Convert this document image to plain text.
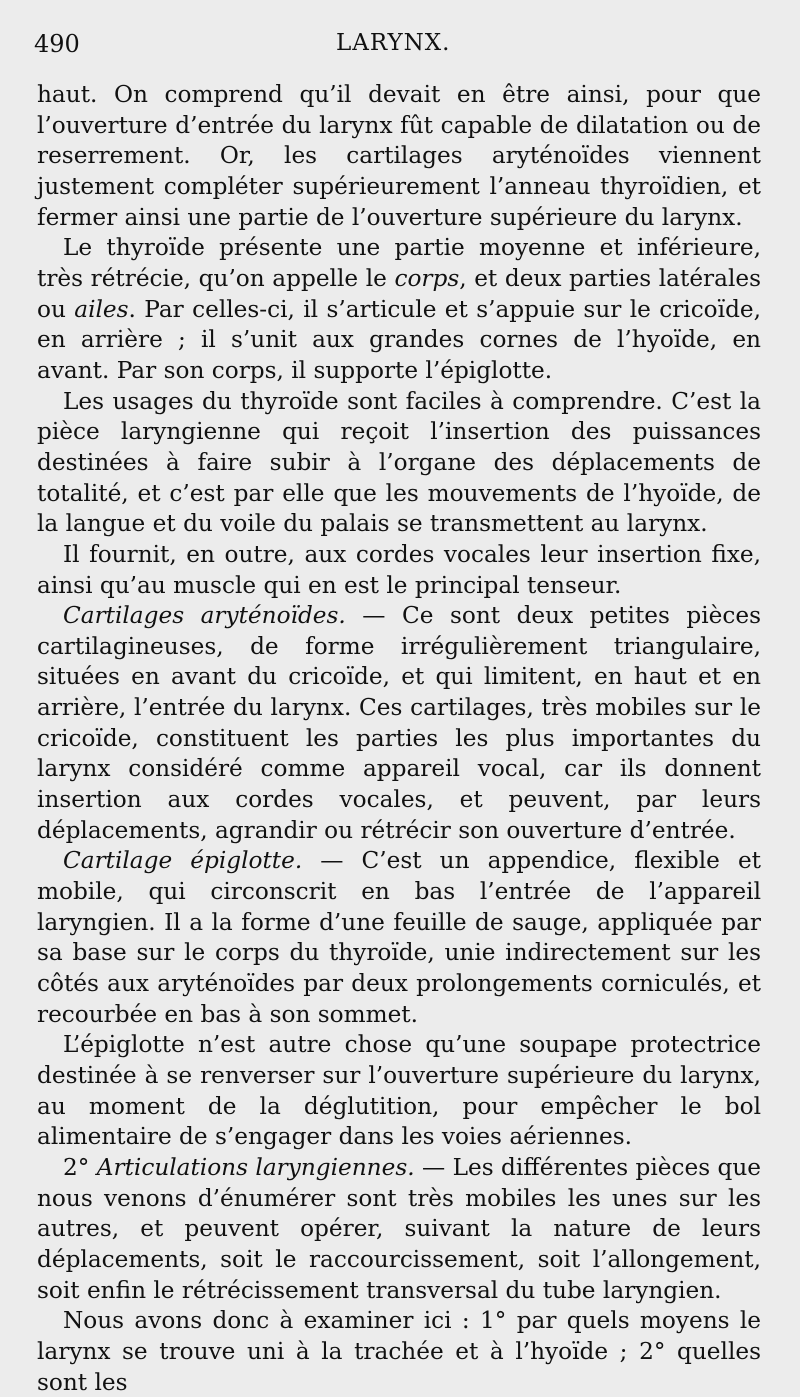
490	LARYNX.

haut. On comprend qu’il devait en être ainsi, pour que l’ouverture d’entrée du larynx fût capable de dilatation ou de reserrement. Or, les cartilages aryténoïdes viennent justement compléter supérieurement l’anneau thyroïdien, et fermer ainsi une partie de l’ouverture supérieure du larynx.

Le thyroïde présente une partie moyenne et inférieure, très rétrécie, qu’on appelle le corps, et deux parties latérales ou ailes. Par celles-ci, il s’articule et s’appuie sur le cricoïde, en arrière ; il s’unit aux grandes cornes de l’hyoïde, en avant. Par son corps, il supporte l’épiglotte.

Les usages du thyroïde sont faciles à comprendre. C’est la pièce laryngienne qui reçoit l’insertion des puissances destinées à faire subir à l’organe des déplacements de totalité, et c’est par elle que les mouvements de l’hyoïde, de la langue et du voile du palais se transmettent au larynx.

Il fournit, en outre, aux cordes vocales leur insertion fixe, ainsi qu’au muscle qui en est le principal tenseur.

Cartilages aryténoïdes. — Ce sont deux petites pièces cartilagineuses, de forme irrégulièrement triangulaire, situées en avant du cricoïde, et qui limitent, en haut et en arrière, l’entrée du larynx. Ces cartilages, très mobiles sur le cricoïde, constituent les parties les plus importantes du larynx considéré comme appareil vocal, car ils donnent insertion aux cordes vocales, et peuvent, par leurs déplacements, agrandir ou rétrécir son ouverture d’entrée.

Cartilage épiglotte. — C’est un appendice, flexible et mobile, qui circonscrit en bas l’entrée de l’appareil laryngien. Il a la forme d’une feuille de sauge, appliquée par sa base sur le corps du thyroïde, unie indirectement sur les côtés aux aryténoïdes par deux prolongements corniculés, et recourbée en bas à son sommet.

L’épiglotte n’est autre chose qu’une soupape protectrice destinée à se renverser sur l’ouverture supérieure du larynx, au moment de la déglutition, pour empêcher le bol alimentaire de s’engager dans les voies aériennes.

2° Articulations laryngiennes. — Les différentes pièces que nous venons d’énumérer sont très mobiles les unes sur les autres, et peuvent opérer, suivant la nature de leurs déplacements, soit le raccourcissement, soit l’allongement, soit enfin le rétrécissement transversal du tube laryngien.

Nous avons donc à examiner ici : 1° par quels moyens le larynx se trouve uni à la trachée et à l’hyoïde ; 2° quelles sont les
